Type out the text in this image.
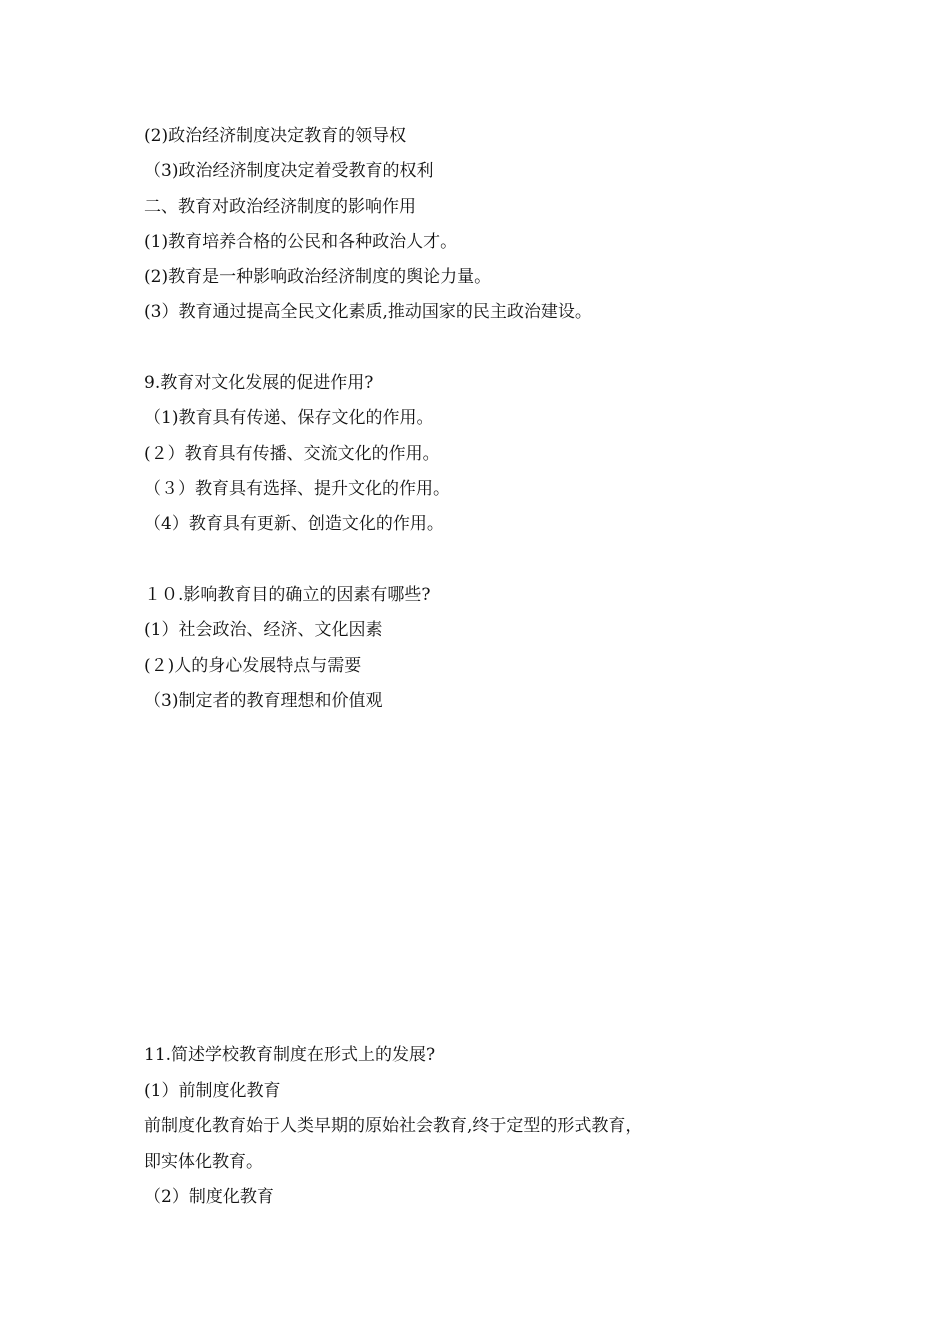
(2)政治经济制度决定教育的领导权
（3)政治经济制度决定着受教育的权利
二、教育对政治经济制度的影响作用
(1)教育培养合格的公民和各种政治人才。
(2)教育是一种影响政治经济制度的舆论力量。
(3）教育通过提高全民文化素质,推动国家的民主政治建设。
9.教育对文化发展的促进作用?
（1)教育具有传递、保存文化的作用。
(２）教育具有传播、交流文化的作用。
（３）教育具有选择、提升文化的作用。
（4）教育具有更新、创造文化的作用。
１０.影响教育目的确立的因素有哪些?
(1）社会政治、经济、文化因素
(２)人的身心发展特点与需要
（3)制定者的教育理想和价值观
11.简述学校教育制度在形式上的发展?
(1）前制度化教育
前制度化教育始于人类早期的原始社会教育,终于定型的形式教育，
即实体化教育。
（2）制度化教育
